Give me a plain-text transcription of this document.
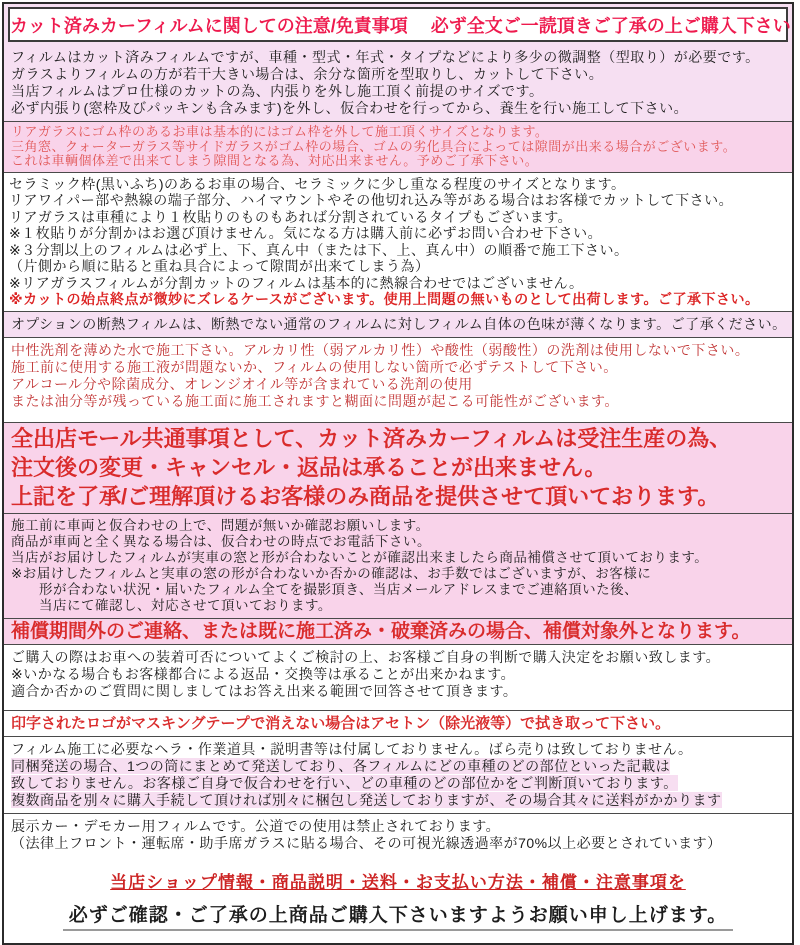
カット済みカーフィルムに関しての注意/免責事項　 必ず全文ご一読頂きご了承の上ご購入下さい
フィルムはカット済みフィルムですが、車種・型式・年式・タイプなどにより多少の微調整（型取り）が必要です。
ガラスよりフィルムの方が若干大きい場合は、余分な箇所を型取りし、カットして下さい。
当店フィルムはプロ仕様のカットの為、内張りを外し施工頂く前提のサイズです。
必ず内張り(窓枠及びパッキンも含みます)を外し、仮合わせを行ってから、養生を行い施工して下さい。
リアガラスにゴム枠のあるお車は基本的にはゴム枠を外して施工頂くサイズとなります。
三角窓、クォーターガラス等サイドガラスがゴム枠の場合、ゴムの劣化具合によっては隙間が出来る場合がございます。
これは車輌個体差で出来てしまう隙間となる為、対応出来ません。予めご了承下さい。
セラミック枠(黒いふち)のあるお車の場合、セラミックに少し重なる程度のサイズとなります。
リアワイパー部や熱線の端子部分、ハイマウントやその他切れ込み等がある場合はお客様でカットして下さい。
リアガラスは車種により１枚貼りのものもあれば分割されているタイプもございます。
※１枚貼りが分割かはお選び頂けません。気になる方は購入前に必ずお問い合わせ下さい。
※３分割以上のフィルムは必ず上、下、真ん中（または下、上、真ん中）の順番で施工下さい。
（片側から順に貼ると重ね具合によって隙間が出来てしまう為）
※リアガラスフィルムが分割カットのフィルムは基本的に熱線合わせではございません。
※カットの始点終点が微妙にズレるケースがございます。使用上問題の無いものとして出荷します。ご了承下さい。
オプションの断熱フィルムは、断熱でない通常のフィルムに対しフィルム自体の色味が薄くなります。ご了承ください。
中性洗剤を薄めた水で施工下さい。アルカリ性（弱アルカリ性）や酸性（弱酸性）の洗剤は使用しないで下さい。
施工前に使用する施工液が問題ないか、フィルムの使用しない箇所で必ずテストして下さい。
アルコール分や除菌成分、オレンジオイル等が含まれている洗剤の使用
または油分等が残っている施工面に施工されますと糊面に問題が起こる可能性がございます。
全出店モール共通事項として、カット済みカーフィルムは受注生産の為、
注文後の変更・キャンセル・返品は承ることが出来ません。
上記を了承/ご理解頂けるお客様のみ商品を提供させて頂いております。
施工前に車両と仮合わせの上で、問題が無いか確認お願いします。
商品が車両と全く異なる場合は、仮合わせの時点でお電話下さい。
当店がお届けしたフィルムが実車の窓と形が合わないことが確認出来ましたら商品補償させて頂いております。
※お届けしたフィルムと実車の窓の形が合わないか否かの確認は、お手数ではございますが、お客様に
　　形が合わない状況・届いたフィルム全てを撮影頂き、当店メールアドレスまでご連絡頂いた後、
　　当店にて確認し、対応させて頂いております。
補償期間外のご連絡、または既に施工済み・破棄済みの場合、補償対象外となります。
ご購入の際はお車への装着可否についてよくご検討の上、お客様ご自身の判断で購入決定をお願い致します。
※いかなる場合もお客様都合による返品・交換等は承ることが出来かねます。
適合か否かのご質問に関しましてはお答え出来る範囲で回答させて頂きます。
印字されたロゴがマスキングテープで消えない場合はアセトン（除光液等）で拭き取って下さい。
フィルム施工に必要なヘラ・作業道具・説明書等は付属しておりません。ばら売りは致しておりません。
同梱発送の場合、1つの筒にまとめて発送しており、各フィルムにどの車種のどの部位といった記載は
致しておりません。お客様ご自身で仮合わせを行い、どの車種のどの部位かをご判断頂いております。
複数商品を別々に購入手続して頂ければ別々に梱包し発送しておりますが、その場合其々に送料がかかります
展示カー・デモカー用フィルムです。公道での使用は禁止されております。
（法律上フロント・運転席・助手席ガラスに貼る場合、その可視光線透過率が70%以上必要とされています）
当店ショップ情報・商品説明・送料・お支払い方法・補償・注意事項を
必ずご確認・ご了承の上商品ご購入下さいますようお願い申し上げます。
